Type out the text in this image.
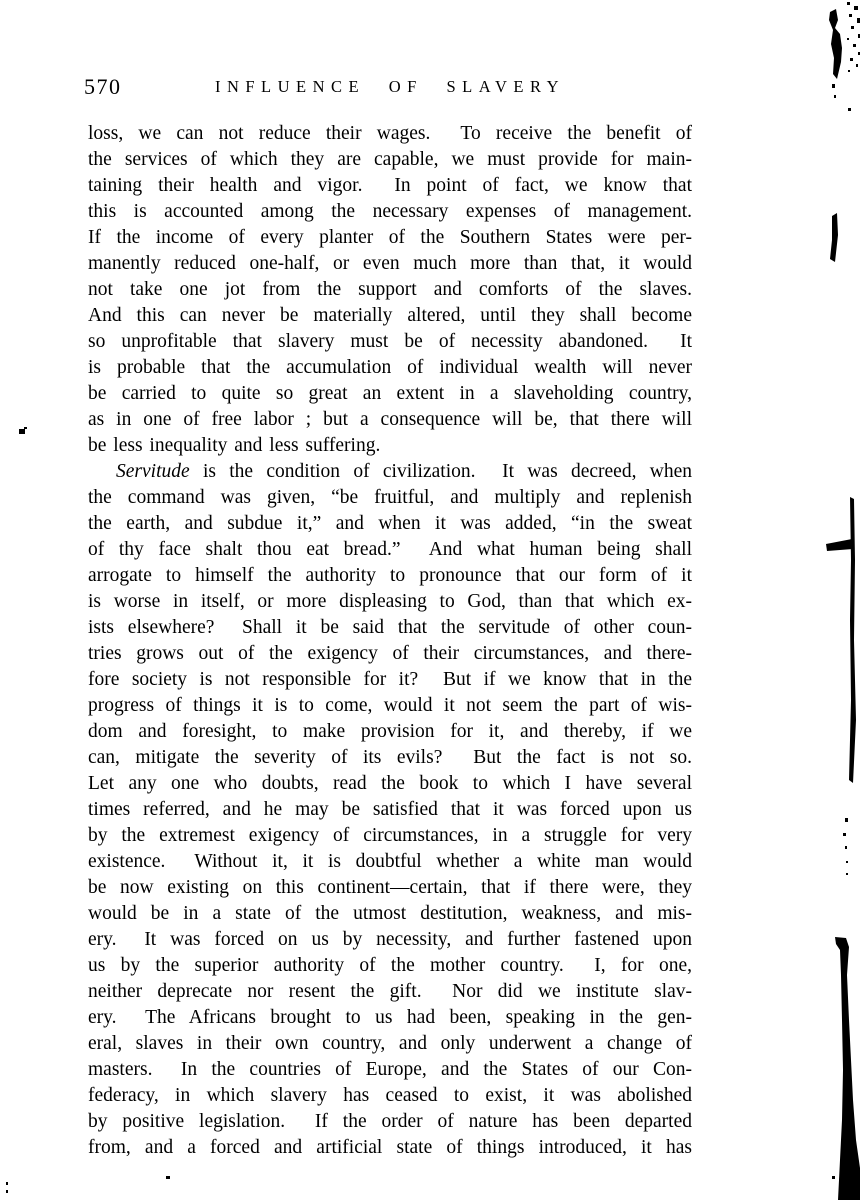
570	INFLUENCE OF SLAVERY
loss, we can not reduce their wages.  To receive the benefit of
the services of which they are capable, we must provide for main-
taining their health and vigor.  In point of fact, we know that
this is accounted among the necessary expenses of management.
If the income of every planter of the Southern States were per-
manently reduced one-half, or even much more than that, it would
not take one jot from the support and comforts of the slaves.
And this can never be materially altered, until they shall become
so unprofitable that slavery must be of necessity abandoned.  It
is probable that the accumulation of individual wealth will never
be carried to quite so great an extent in a slaveholding country,
as in one of free labor ; but a consequence will be, that there will
be less inequality and less suffering.
Servitude is the condition of civilization.  It was decreed, when
the command was given, “be fruitful, and multiply and replenish
the earth, and subdue it,” and when it was added, “in the sweat
of thy face shalt thou eat bread.”  And what human being shall
arrogate to himself the authority to pronounce that our form of it
is worse in itself, or more displeasing to God, than that which ex-
ists elsewhere?  Shall it be said that the servitude of other coun-
tries grows out of the exigency of their circumstances, and there-
fore society is not responsible for it?  But if we know that in the
progress of things it is to come, would it not seem the part of wis-
dom and foresight, to make provision for it, and thereby, if we
can, mitigate the severity of its evils?  But the fact is not so.
Let any one who doubts, read the book to which I have several
times referred, and he may be satisfied that it was forced upon us
by the extremest exigency of circumstances, in a struggle for very
existence.  Without it, it is doubtful whether a white man would
be now existing on this continent—certain, that if there were, they
would be in a state of the utmost destitution, weakness, and mis-
ery.  It was forced on us by necessity, and further fastened upon
us by the superior authority of the mother country.  I, for one,
neither deprecate nor resent the gift.  Nor did we institute slav-
ery.  The Africans brought to us had been, speaking in the gen-
eral, slaves in their own country, and only underwent a change of
masters.  In the countries of Europe, and the States of our Con-
federacy, in which slavery has ceased to exist, it was abolished
by positive legislation.  If the order of nature has been departed
from, and a forced and artificial state of things introduced, it has
